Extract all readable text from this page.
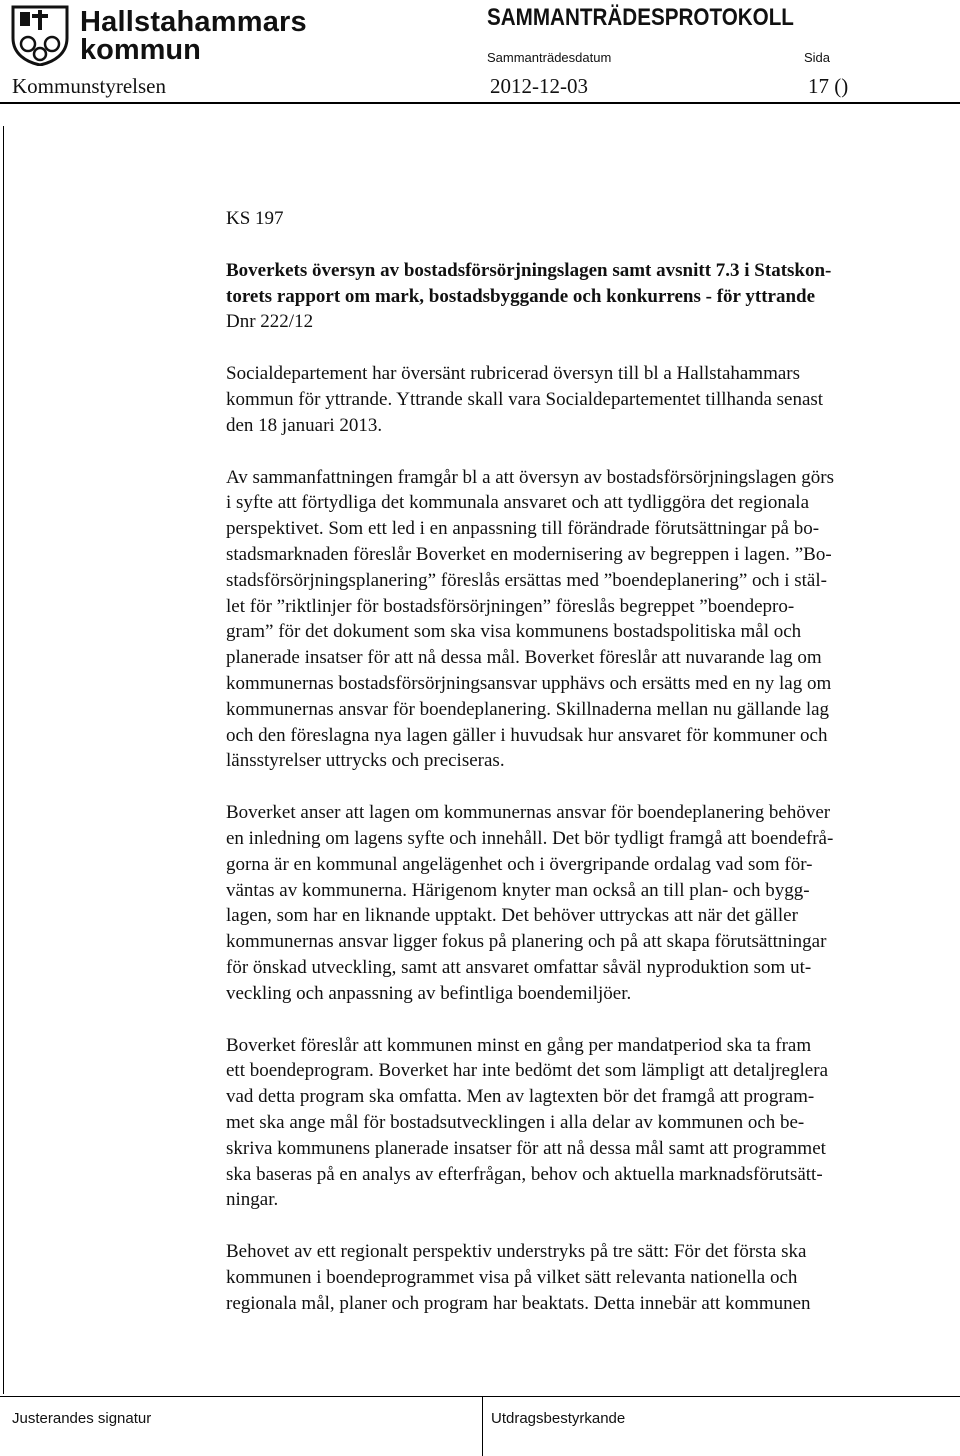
Hallstahammars
kommun
SAMMANTRÄDESPROTOKOLL
Sammanträdesdatum	Sida
Kommunstyrelsen	2012-12-03	17 ()

KS 197

Boverkets översyn av bostadsförsörjningslagen samt avsnitt 7.3 i Statskon-
torets rapport om mark, bostadsbyggande och konkurrens - för yttrande
Dnr 222/12
Socialdepartement har översänt rubricerad översyn till bl a Hallstahammars
kommun för yttrande. Yttrande skall vara Socialdepartementet tillhanda senast
den 18 januari 2013.
Av sammanfattningen framgår bl a att översyn av bostadsförsörjningslagen görs
i syfte att förtydliga det kommunala ansvaret och att tydliggöra det regionala
perspektivet. Som ett led i en anpassning till förändrade förutsättningar på bo-
stadsmarknaden föreslår Boverket en modernisering av begreppen i lagen. ”Bo-
stadsförsörjningsplanering” föreslås ersättas med ”boendeplanering” och i stäl-
let för ”riktlinjer för bostadsförsörjningen” föreslås begreppet ”boendepro-
gram” för det dokument som ska visa kommunens bostadspolitiska mål och
planerade insatser för att nå dessa mål. Boverket föreslår att nuvarande lag om
kommunernas bostadsförsörjningsansvar upphävs och ersätts med en ny lag om
kommunernas ansvar för boendeplanering. Skillnaderna mellan nu gällande lag
och den föreslagna nya lagen gäller i huvudsak hur ansvaret för kommuner och
länsstyrelser uttrycks och preciseras.
Boverket anser att lagen om kommunernas ansvar för boendeplanering behöver
en inledning om lagens syfte och innehåll. Det bör tydligt framgå att boendefrå-
gorna är en kommunal angelägenhet och i övergripande ordalag vad som för-
väntas av kommunerna. Härigenom knyter man också an till plan- och bygg-
lagen, som har en liknande upptakt. Det behöver uttryckas att när det gäller
kommunernas ansvar ligger fokus på planering och på att skapa förutsättningar
för önskad utveckling, samt att ansvaret omfattar såväl nyproduktion som ut-
veckling och anpassning av befintliga boendemiljöer.
Boverket föreslår att kommunen minst en gång per mandatperiod ska ta fram
ett boendeprogram. Boverket har inte bedömt det som lämpligt att detaljreglera
vad detta program ska omfatta. Men av lagtexten bör det framgå att program-
met ska ange mål för bostadsutvecklingen i alla delar av kommunen och be-
skriva kommunens planerade insatser för att nå dessa mål samt att programmet
ska baseras på en analys av efterfrågan, behov och aktuella marknadsförutsätt-
ningar.
Behovet av ett regionalt perspektiv understryks på tre sätt: För det första ska
kommunen i boendeprogrammet visa på vilket sätt relevanta nationella och
regionala mål, planer och program har beaktats. Detta innebär att kommunen
Justerandes signatur	Utdragsbestyrkande
